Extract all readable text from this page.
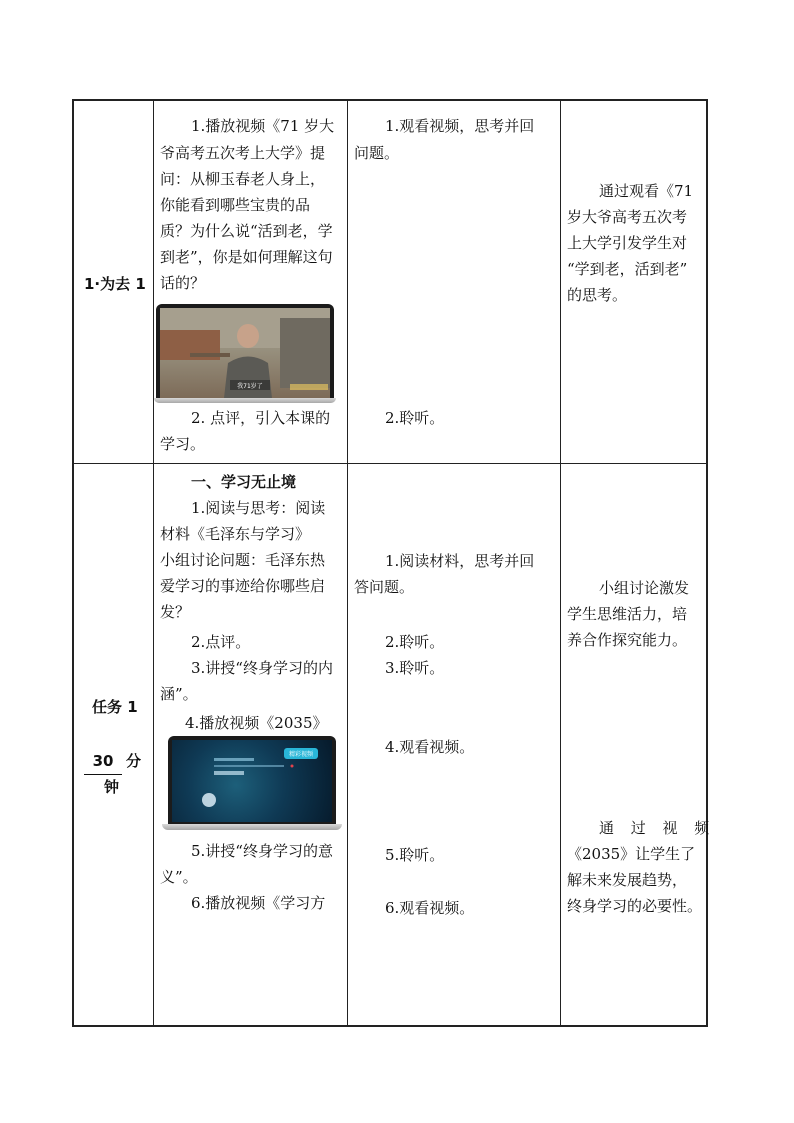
1·为去 1
1.播放视频《71 岁大
爷高考五次考上大学》提
问：从柳玉春老人身上，
你能看到哪些宝贵的品
质？为什么说“活到老，学
到老”，你是如何理解这句
话的？
我71岁了
2. 点评，引入本课的
学习。
1.观看视频，思考并回
问题。
2.聆听。
通过观看《71
岁大爷高考五次考
上大学引发学生对
“学到老，活到老”
的思考。
任务 1
30 分
钟
一、学习无止境
1.阅读与思考：阅读
材料《毛泽东与学习》
小组讨论问题：毛泽东热
爱学习的事迹给你哪些启
发？
2.点评。
3.讲授“终身学习的内
涵”。
4.播放视频《2035》
精彩视频
5.讲授“终身学习的意
义”。
6.播放视频《学习方
1.阅读材料，思考并回
答问题。
2.聆听。
3.聆听。
4.观看视频。
5.聆听。
6.观看视频。
小组讨论激发
学生思维活力，培
养合作探究能力。
通 过 视 频
《2035》让学生了
解未来发展趋势，
终身学习的必要性。
